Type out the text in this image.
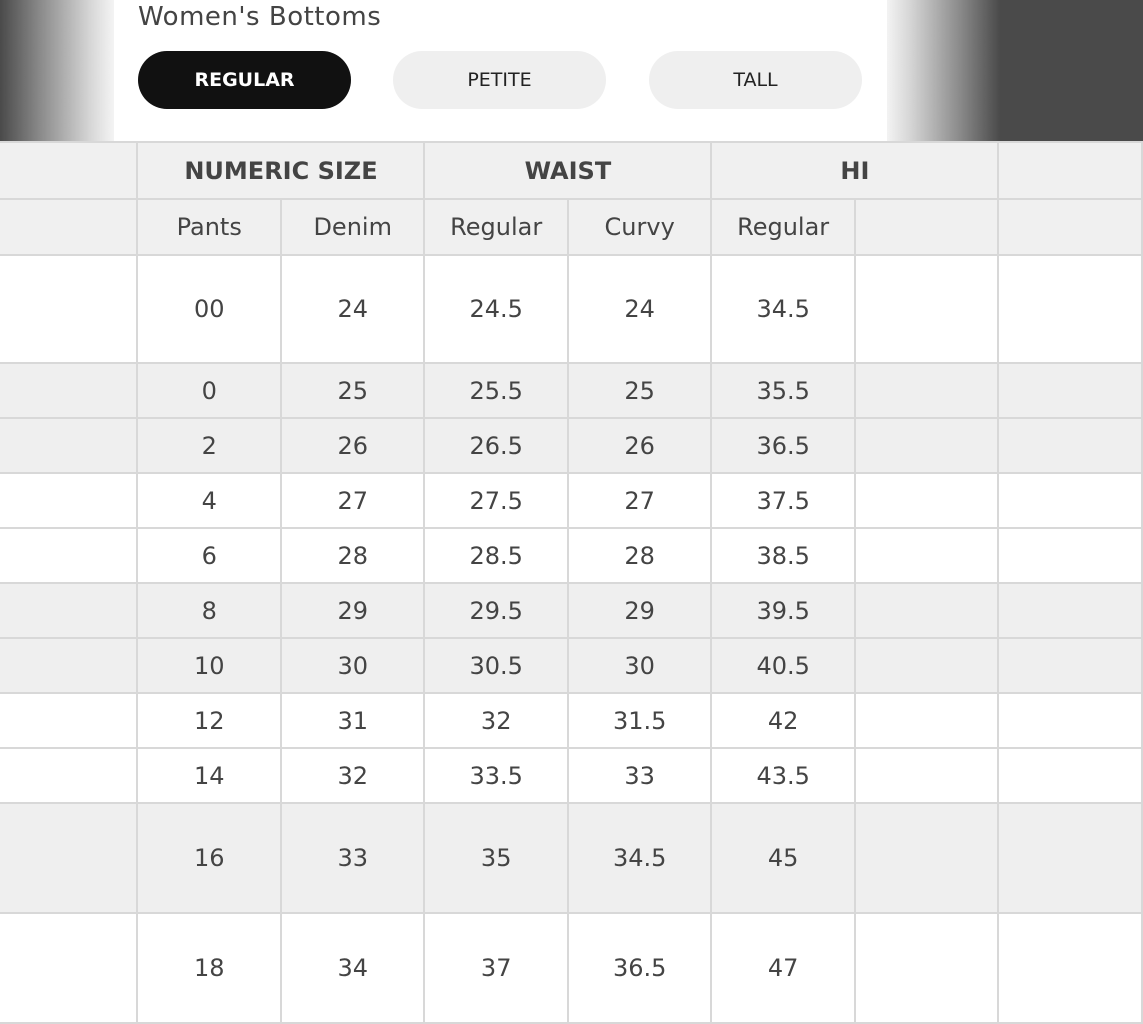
Women's Bottoms
REGULAR	PETITE	TALL
	NUMERIC SIZE		WAIST		HI		
	Pants	Denim	Regular	Curvy	Regular		
	00	24	24.5	24	34.5		
	0	25	25.5	25	35.5		
	2	26	26.5	26	36.5		
	4	27	27.5	27	37.5		
	6	28	28.5	28	38.5		
	8	29	29.5	29	39.5		
	10	30	30.5	30	40.5		
	12	31	32	31.5	42		
	14	32	33.5	33	43.5		
	16	33	35	34.5	45		
	18	34	37	36.5	47		
